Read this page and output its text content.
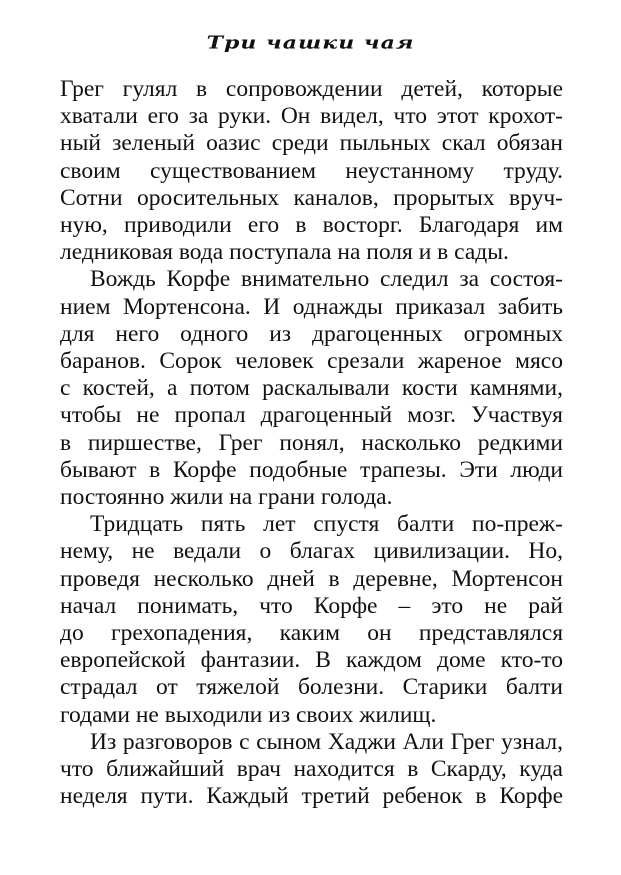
Три чашки чая
Грег гулял в сопровождении детей, которые
хватали его за руки. Он видел, что этот крохот-
ный зеленый оазис среди пыльных скал обязан
своим существованием неустанному труду.
Сотни оросительных каналов, прорытых вруч-
ную, приводили его в восторг. Благодаря им
ледниковая вода поступала на поля и в сады.
Вождь Корфе внимательно следил за состоя-
нием Мортенсона. И однажды приказал забить
для него одного из драгоценных огромных
баранов. Сорок человек срезали жареное мясо
с костей, а потом раскалывали кости камнями,
чтобы не пропал драгоценный мозг. Участвуя
в пиршестве, Грег понял, насколько редкими
бывают в Корфе подобные трапезы. Эти люди
постоянно жили на грани голода.
Тридцать пять лет спустя балти по-преж-
нему, не ведали о благах цивилизации. Но,
проведя несколько дней в деревне, Мортенсон
начал понимать, что Корфе – это не рай
до грехопадения, каким он представлялся
европейской фантазии. В каждом доме кто-то
страдал от тяжелой болезни. Старики балти
годами не выходили из своих жилищ.
Из разговоров с сыном Хаджи Али Грег узнал,
что ближайший врач находится в Скарду, куда
неделя пути. Каждый третий ребенок в Корфе
